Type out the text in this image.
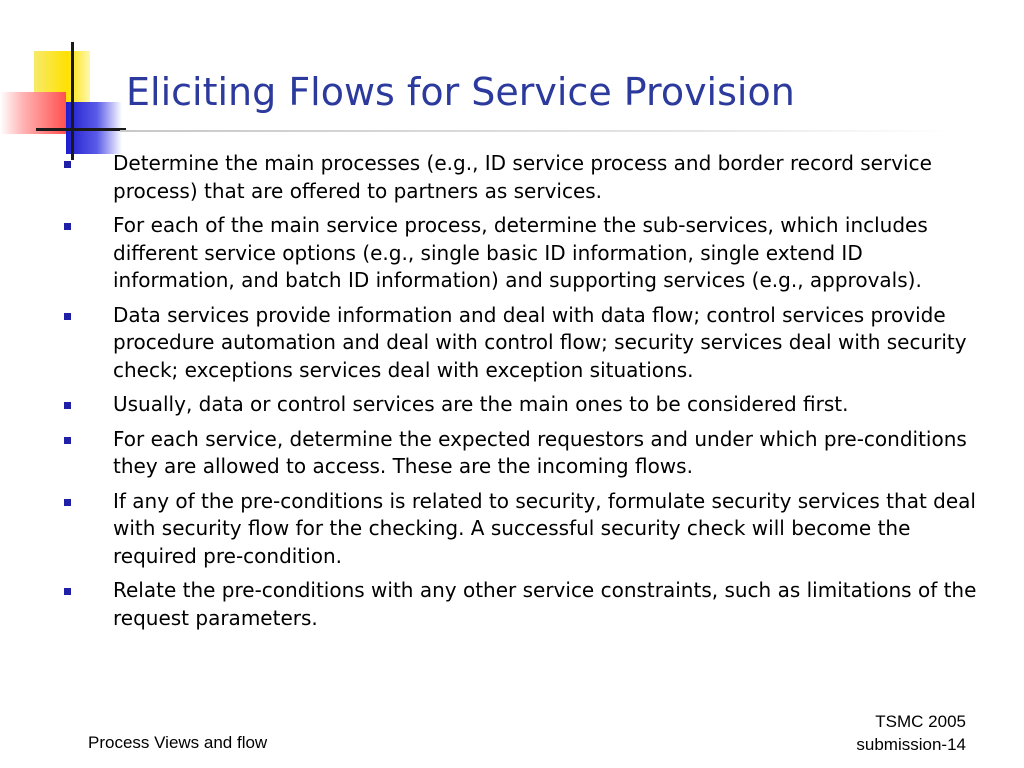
Eliciting Flows for Service Provision
Determine the main processes (e.g., ID service process and border record service process) that are offered to partners as services.
For each of the main service process, determine the sub-services, which includes different service options (e.g., single basic ID information, single extend ID information, and batch ID information) and supporting services (e.g., approvals).
Data services provide information and deal with data flow; control services provide procedure automation and deal with control flow; security services deal with security check; exceptions services deal with exception situations.
Usually, data or control services are the main ones to be considered first.
For each service, determine the expected requestors and under which pre-conditions they are allowed to access. These are the incoming flows.
If any of the pre-conditions is related to security, formulate security services that deal with security flow for the checking. A successful security check will become the required pre-condition.
Relate the pre-conditions with any other service constraints, such as limitations of the request parameters.
Process Views and flow
TSMC 2005
submission-14
